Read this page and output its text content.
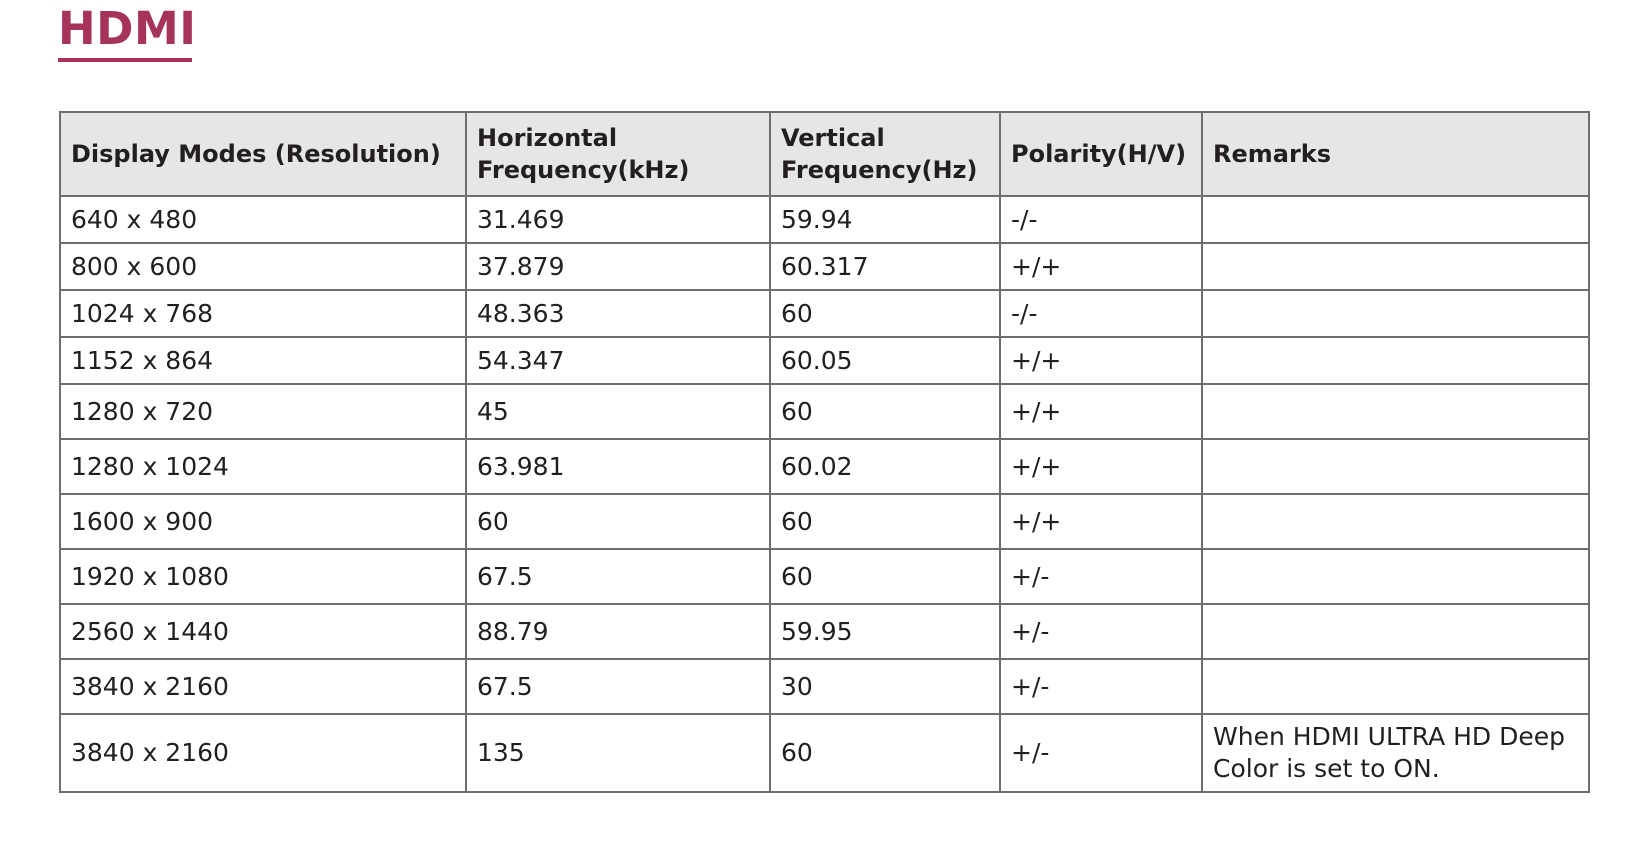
HDMI
Display Modes (Resolution)	Horizontal Frequency(kHz)	Vertical Frequency(Hz)	Polarity(H/V)	Remarks
640 x 480	31.469	59.94	-/-	
800 x 600	37.879	60.317	+/+	
1024 x 768	48.363	60	-/-	
1152 x 864	54.347	60.05	+/+	
1280 x 720	45	60	+/+	
1280 x 1024	63.981	60.02	+/+	
1600 x 900	60	60	+/+	
1920 x 1080	67.5	60	+/-	
2560 x 1440	88.79	59.95	+/-	
3840 x 2160	67.5	30	+/-	
3840 x 2160	135	60	+/-	When HDMI ULTRA HD Deep Color is set to ON.
